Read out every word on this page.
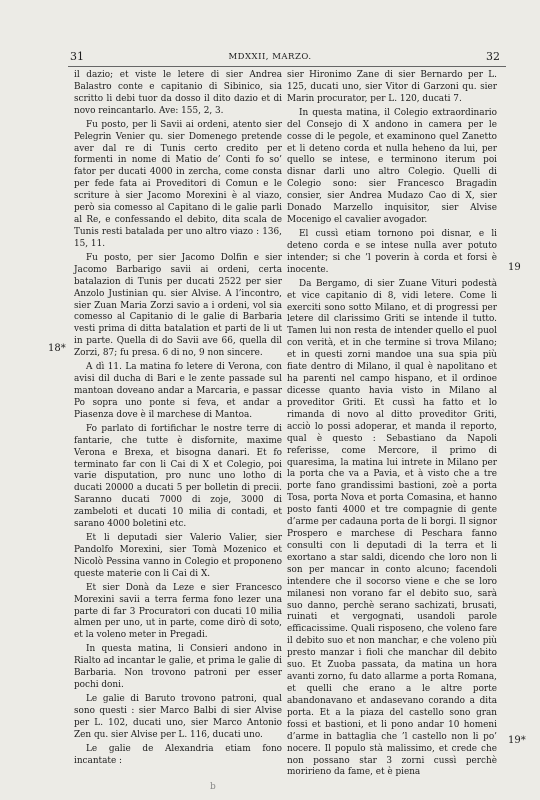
31	MDXXII, MARZO.	32

il dazio; et viste le letere di sier Andrea Balastro conte e capitanio di Sibinico, sia scritto li debi tuor da dosso il dito dazio et di novo reincantarlo. Ave: 155, 2, 3.

Fu posto, per li Savii ai ordeni, atento sier Pelegrin Venier qu. sier Domenego pretende aver dal re di Tunis certo credito per formenti in nome di Matio de’ Conti fo so’ fator per ducati 4000 in zercha, come consta per fede fata ai Proveditori di Comun e le scriture à sier Jacomo Morexini è al viazo, però sia comesso al Capitano di le galie parli al Re, e confessando el debito, dita scala de Tunis resti batalada per uno altro viazo : 136, 15, 11.

Fu posto, per sier Jacomo Dolfin e sier Jacomo Barbarigo savii ai ordeni, certa batalazion di Tunis per ducati 2522 per sier Anzolo Justinian qu. sier Alvise. A l’incontro, sier Zuan Maria Zorzi savio a i ordeni, vol sia comesso al Capitanio di le galie di Barbaria vesti prima di ditta batalation et parti de li ut in parte. Quella di do Savii ave 66, quella dil Zorzi, 87; fu presa. 6 di no, 9 non sincere.

A dì 11. La matina fo letere di Verona, con avisi dil ducha di Bari e le zente passade sul mantoan doveano andar a Marcaria, e passar Po sopra uno ponte si feva, et andar a Piasenza dove è il marchese di Mantoa.

Fo parlato di fortifichar le nostre terre di fantarie, che tutte è disfornite, maxime Verona e Brexa, et bisogna danari. Et fo terminato far con li Cai di X et Colegio, poi varie disputation, pro nunc uno lotho di ducati 20000 a ducati 5 per bolletin di precii. Saranno ducati 7000 di zoje, 3000 di zambeloti et ducati 10 milia di contadi, et sarano 4000 boletini etc.

Et li deputadi sier Valerio Valier, sier Pandolfo Morexini, sier Tomà Mozenico et Nicolò Pessina vanno in Colegio et proponeno queste materie con li Cai di X.

Et sier Donà da Leze e sier Francesco Morexini savii a terra ferma fono lezer una parte di far 3 Procuratori con ducati 10 milia almen per uno, ut in parte, come dirò di soto, et la voleno meter in Pregadi.

In questa matina, li Consieri andono in Rialto ad incantar le galie, et prima le galie di Barbaria. Non trovono patroni per esser pochi doni.

Le galie di Baruto trovono patroni, qual sono questi : sier Marco Balbi di sier Alvise per L. 102, ducati uno, sier Marco Antonio Zen qu. sier Alvise per L. 116, ducati uno.

Le galie de Alexandria etiam fono incantate :

sier Hironimo Zane di sier Bernardo per L. 125, ducati uno, sier Vitor di Garzoni qu. sier Marin procurator, per L. 120, ducati 7.

In questa matina, il Colegio extraordinario del Consejo di X andono in camera per le cosse di le pegole, et examinono quel Zanetto et li deteno corda et nulla heheno da lui, per quello se intese, e terminono iterum poi disnar darli uno altro Colegio. Quelli di Colegio sono: sier Francesco Bragadin consier, sier Andrea Mudazo Cao di X, sier Donado Marzello inquisitor, sier Alvise Mocenigo el cavalier avogador.

El cussì etiam tornono poi disnar, e li deteno corda e se intese nulla aver potuto intender; si che ’l poverin à corda et forsi è inocente.

Da Bergamo, di sier Zuane Vituri podestà et vice capitanio di 8, vidi letere. Come li exerciti sono sotto Milano, et di progressi per letere dil clarissimo Griti se intende il tutto. Tamen lui non resta de intender quello el puol con verità, et in che termine si trova Milano; et in questi zorni mandoe una sua spia più fiate dentro di Milano, il qual è napolitano et ha parenti nel campo hispano, et il ordinoe dicesse quanto havia visto in Milano al proveditor Griti. Et cussì ha fatto et lo rimanda di novo al ditto proveditor Griti, acciò lo possi adoperar, et manda il reporto, qual è questo : Sebastiano da Napoli referisse, come Mercore, il primo di quaresima, la matina lui intrete in Milano per la porta che va a Pavia, et à visto che a tre porte fano grandissimi bastioni, zoè a porta Tosa, porta Nova et porta Comasina, et hanno posto fanti 4000 et tre compagnie di gente d’arme per cadauna porta de li borgi. Il signor Prospero e marchese di Peschara fanno consulti con li deputadi di la terra et li exortano a star saldi, dicendo che loro non li son per mancar in conto alcuno; facendoli intendere che il socorso viene e che se loro milanesi non vorano far el debito suo, sarà suo danno, perchè serano sachizati, brusati, ruinati et vergognati, usandoli parole efficacissime. Quali risposeno, che voleno fare il debito suo et non manchar, e che voleno più presto manzar i fioli che manchar dil debito suo. Et Zuoba passata, da matina un hora avanti zorno, fu dato allarme a porta Romana, et quelli che erano a le altre porte abandonavano et andasevano corando a dita porta. Et a la piaza del castello sono gran fossi et bastioni, et li pono andar 10 homeni d’arme in battaglia che ’l castello non li po’ nocere. Il populo stà malissimo, et crede che non possano star 3 zorni cussì perchè moririeno da fame, et è piena

18*
19
19*
b
